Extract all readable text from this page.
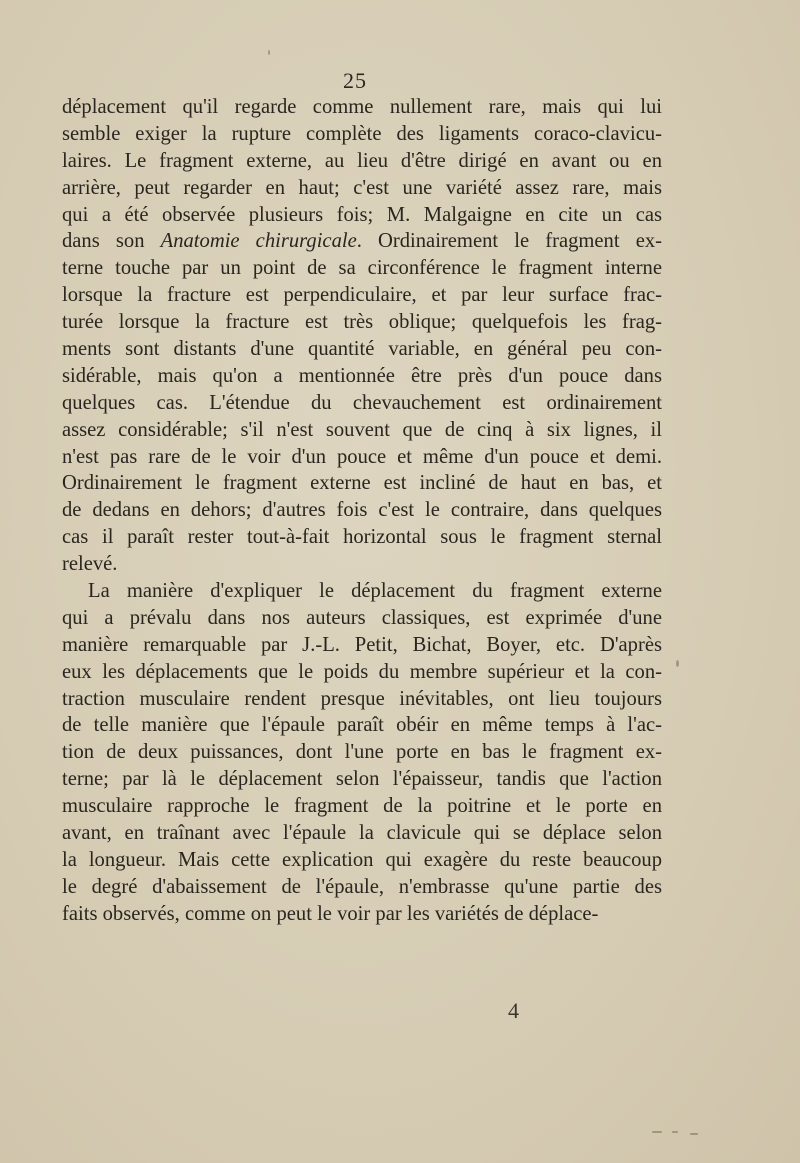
25
déplacement qu'il regarde comme nullement rare, mais qui lui
semble exiger la rupture complète des ligaments coraco-clavicu-
laires. Le fragment externe, au lieu d'être dirigé en avant ou en
arrière, peut regarder en haut; c'est une variété assez rare, mais
qui a été observée plusieurs fois; M. Malgaigne en cite un cas
dans son Anatomie chirurgicale. Ordinairement le fragment ex-
terne touche par un point de sa circonférence le fragment interne
lorsque la fracture est perpendiculaire, et par leur surface frac-
turée lorsque la fracture est très oblique; quelquefois les frag-
ments sont distants d'une quantité variable, en général peu con-
sidérable, mais qu'on a mentionnée être près d'un pouce dans
quelques cas. L'étendue du chevauchement est ordinairement
assez considérable; s'il n'est souvent que de cinq à six lignes, il
n'est pas rare de le voir d'un pouce et même d'un pouce et demi.
Ordinairement le fragment externe est incliné de haut en bas, et
de dedans en dehors; d'autres fois c'est le contraire, dans quelques
cas il paraît rester tout-à-fait horizontal sous le fragment sternal
relevé.
La manière d'expliquer le déplacement du fragment externe
qui a prévalu dans nos auteurs classiques, est exprimée d'une
manière remarquable par J.-L. Petit, Bichat, Boyer, etc. D'après
eux les déplacements que le poids du membre supérieur et la con-
traction musculaire rendent presque inévitables, ont lieu toujours
de telle manière que l'épaule paraît obéir en même temps à l'ac-
tion de deux puissances, dont l'une porte en bas le fragment ex-
terne; par là le déplacement selon l'épaisseur, tandis que l'action
musculaire rapproche le fragment de la poitrine et le porte en
avant, en traînant avec l'épaule la clavicule qui se déplace selon
la longueur. Mais cette explication qui exagère du reste beaucoup
le degré d'abaissement de l'épaule, n'embrasse qu'une partie des
faits observés, comme on peut le voir par les variétés de déplace-
4
